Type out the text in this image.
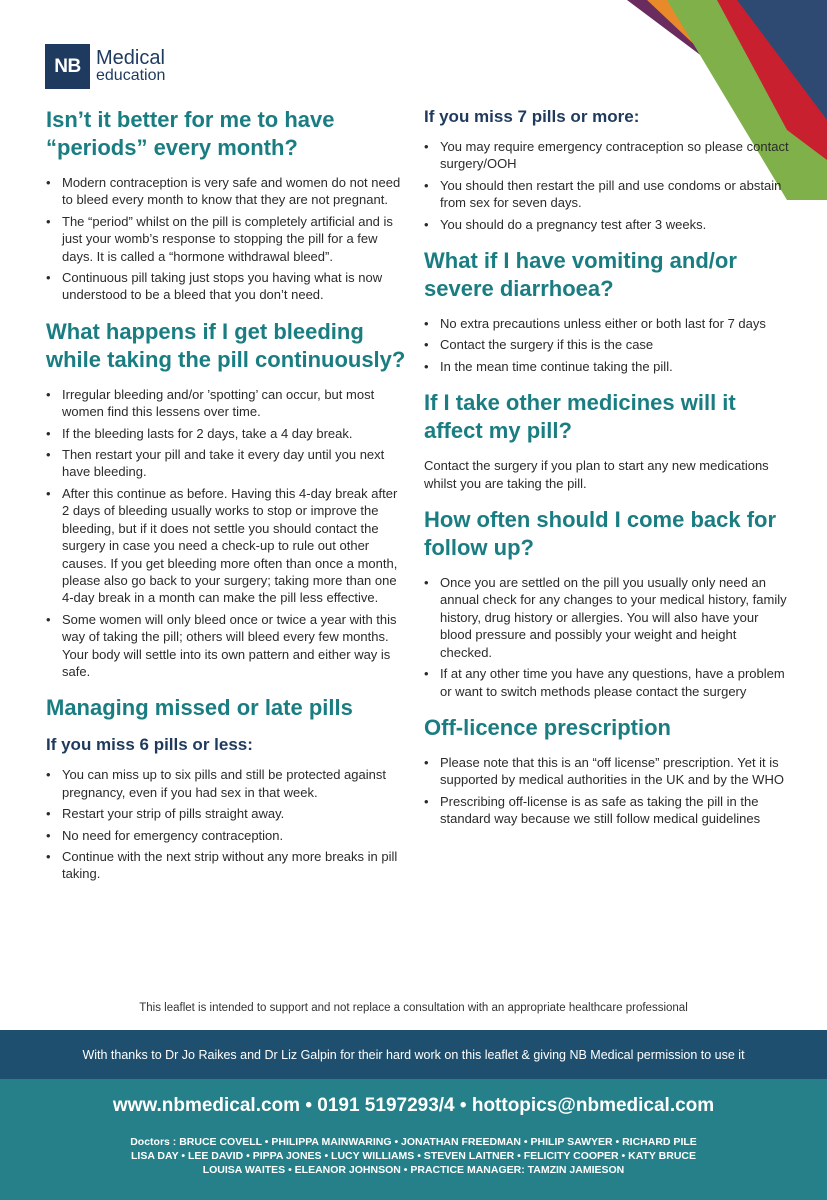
NB Medical
education
Isn’t it better for me to have “periods” every month?
• Modern contraception is very safe and women do not need to bleed every month to know that they are not pregnant.
• The “period” whilst on the pill is completely artificial and is just your womb’s response to stopping the pill for a few days. It is called a “hormone withdrawal bleed”.
• Continuous pill taking just stops you having what is now understood to be a bleed that you don’t need.
What happens if I get bleeding while taking the pill continuously?
• Irregular bleeding and/or ’spotting’ can occur, but most women find this lessens over time.
• If the bleeding lasts for 2 days, take a 4 day break.
• Then restart your pill and take it every day until you next have bleeding.
• After this continue as before. Having this 4-day break after 2 days of bleeding usually works to stop or improve the bleeding, but if it does not settle you should contact the surgery in case you need a check-up to rule out other causes. If you get bleeding more often than once a month, please also go back to your surgery; taking more than one 4-day break in a month can make the pill less effective.
• Some women will only bleed once or twice a year with this way of taking the pill; others will bleed every few months. Your body will settle into its own pattern and either way is safe.
Managing missed or late pills
If you miss 6 pills or less:
• You can miss up to six pills and still be protected against pregnancy, even if you had sex in that week.
• Restart your strip of pills straight away.
• No need for emergency contraception.
• Continue with the next strip without any more breaks in pill taking.
If you miss 7 pills or more:
• You may require emergency contraception so please contact surgery/OOH
• You should then restart the pill and use condoms or abstain from sex for seven days.
• You should do a pregnancy test after 3 weeks.
What if I have vomiting and/or severe diarrhoea?
• No extra precautions unless either or both last for 7 days
• Contact the surgery if this is the case
• In the mean time continue taking the pill.
If I take other medicines will it affect my pill?

Contact the surgery if you plan to start any new medications whilst you are taking the pill.

How often should I come back for follow up?
• Once you are settled on the pill you usually only need an annual check for any changes to your medical history, family history, drug history or allergies. You will also have your blood pressure and possibly your weight and height checked.
• If at any other time you have any questions, have a problem or want to switch methods please contact the surgery
Off-licence prescription
• Please note that this is an “off license” prescription. Yet it is supported by medical authorities in the UK and by the WHO
• Prescribing off-license is as safe as taking the pill in the standard way because we still follow medical guidelines
This leaflet is intended to support and not replace a consultation with an appropriate healthcare professional
With thanks to Dr Jo Raikes and Dr Liz Galpin for their hard work on this leaflet & giving NB Medical permission to use it
www.nbmedical.com • 0191 5197293/4 • hottopics@nbmedical.com
Doctors : BRUCE COVELL • PHILIPPA MAINWARING • JONATHAN FREEDMAN • PHILIP SAWYER • RICHARD PILE
LISA DAY • LEE DAVID • PIPPA JONES • LUCY WILLIAMS • STEVEN LAITNER • FELICITY COOPER • KATY BRUCE
LOUISA WAITES • ELEANOR JOHNSON • PRACTICE MANAGER: TAMZIN JAMIESON
